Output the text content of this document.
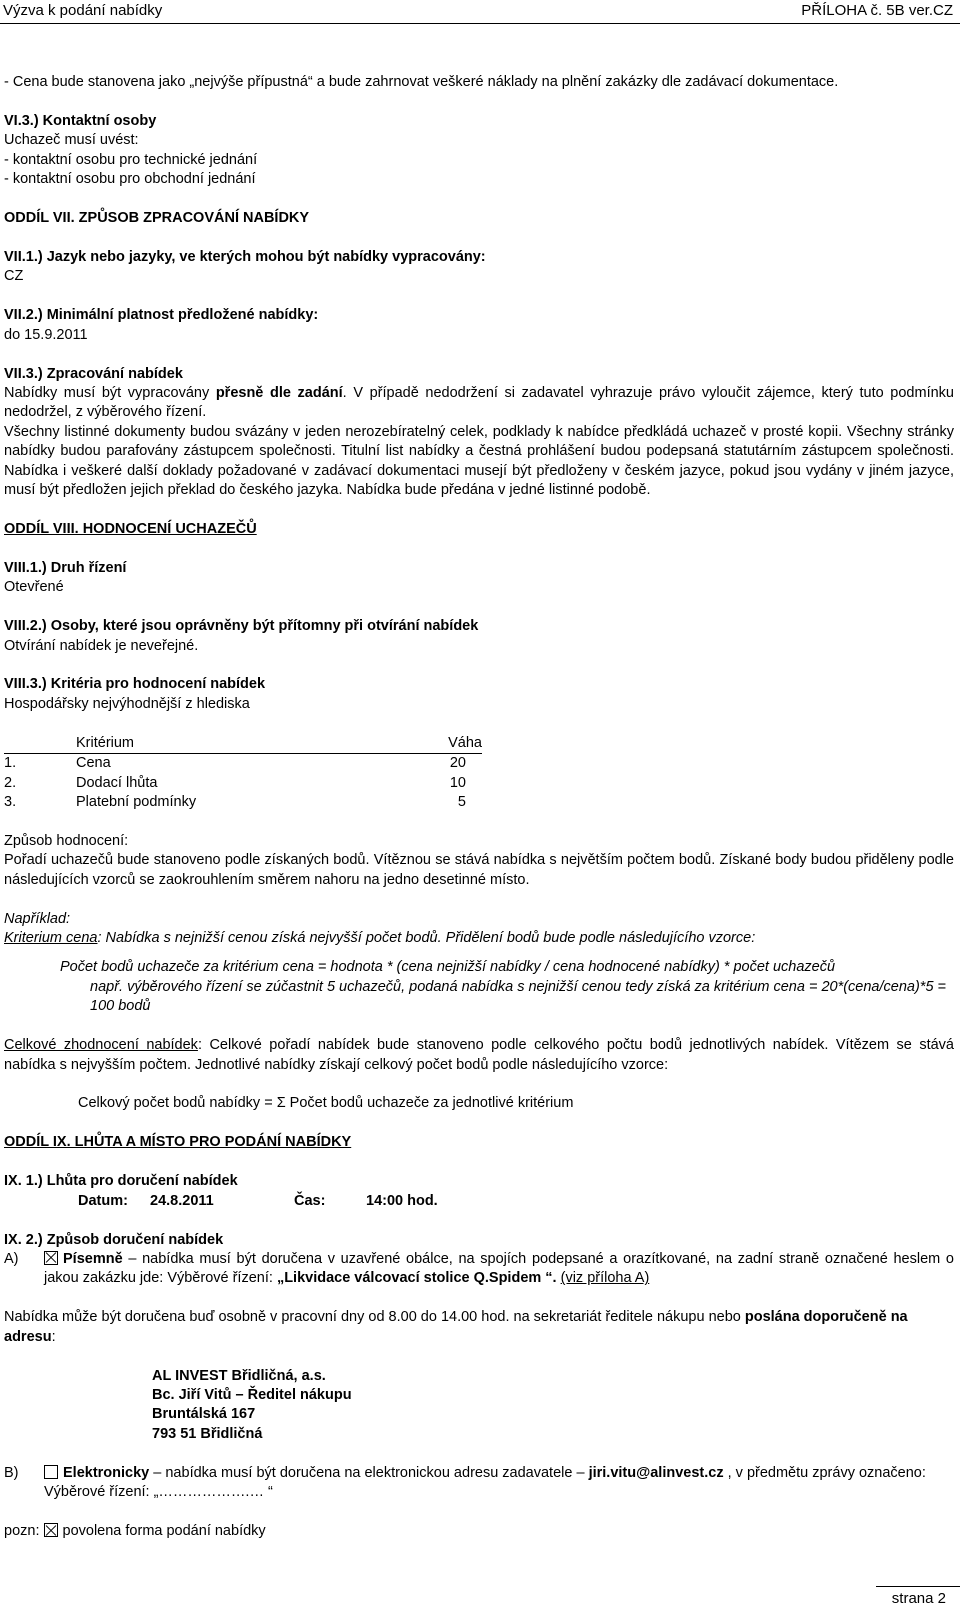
Výzva k podání nabídky	PŘÍLOHA č. 5B ver.CZ

- Cena bude stanovena jako „nejvýše přípustná“ a bude zahrnovat veškeré náklady na plnění zakázky dle zadávací dokumentace.

VI.3.) Kontaktní osoby

Uchazeč musí uvést:

- kontaktní osobu pro technické jednání

- kontaktní osobu pro obchodní jednání

ODDÍL VII. ZPŮSOB ZPRACOVÁNÍ NABÍDKY

VII.1.) Jazyk nebo jazyky, ve kterých mohou být nabídky vypracovány:

CZ

VII.2.) Minimální platnost předložené nabídky:

do 15.9.2011

VII.3.) Zpracování nabídek

Nabídky musí být vypracovány přesně dle zadání. V případě nedodržení si zadavatel vyhrazuje právo vyloučit zájemce, který tuto podmínku nedodržel, z výběrového řízení.

Všechny listinné dokumenty budou svázány v jeden nerozebíratelný celek, podklady k nabídce předkládá uchazeč v prosté kopii. Všechny stránky nabídky budou parafovány zástupcem společnosti. Titulní list nabídky a čestná prohlášení budou podepsaná statutárním zástupcem společnosti. Nabídka i veškeré další doklady požadované v zadávací dokumentaci musejí být předloženy v českém jazyce, pokud jsou vydány v jiném jazyce, musí být předložen jejich překlad do českého jazyka. Nabídka bude předána v jedné listinné podobě.

ODDÍL VIII. HODNOCENÍ UCHAZEČŮ

VIII.1.) Druh řízení

Otevřené

VIII.2.) Osoby, které jsou oprávněny být přítomny při otvírání nabídek

Otvírání nabídek je neveřejné.

VIII.3.) Kritéria pro hodnocení nabídek

Hospodářsky nejvýhodnější z hlediska

	Kritérium	Váha
1.	Cena	20
2.	Dodací lhůta	10
3.	Platební podmínky	5

Způsob hodnocení:

Pořadí uchazečů bude stanoveno podle získaných bodů. Vítěznou se stává nabídka s největším počtem bodů. Získané body budou přiděleny podle následujících vzorců se zaokrouhlením směrem nahoru na jedno desetinné místo.

Například:

Kriterium cena: Nabídka s nejnižší cenou získá nejvyšší počet bodů. Přidělení bodů bude podle následujícího vzorce:

Počet bodů uchazeče za kritérium cena = hodnota * (cena nejnižší nabídky / cena hodnocené nabídky) * počet uchazečů

např. výběrového řízení se zúčastnit 5 uchazečů, podaná nabídka s nejnižší cenou tedy získá za kritérium cena = 20*(cena/cena)*5 = 100 bodů

Celkové zhodnocení nabídek: Celkové pořadí nabídek bude stanoveno podle celkového počtu bodů jednotlivých nabídek. Vítězem se stává nabídka s nejvyšším počtem. Jednotlivé nabídky získají celkový počet bodů podle následujícího vzorce:

Celkový počet bodů nabídky = Σ Počet bodů uchazeče za jednotlivé kritérium

ODDÍL IX. LHŮTA A MÍSTO PRO PODÁNÍ NABÍDKY

IX. 1.) Lhůta pro doručení nabídek

Datum: 24.8.2011	Čas:	14:00 hod.

IX. 2.) Způsob doručení nabídek

A)	Písemně – nabídka musí být doručena v uzavřené obálce, na spojích podepsané a orazítkované, na zadní straně označené heslem o jakou zakázku jde: Výběrové řízení: „Likvidace válcovací stolice Q.Spidem “. (viz příloha A)

Nabídka může být doručena buď osobně v pracovní dny od 8.00 do 14.00 hod. na sekretariát ředitele nákupu nebo poslána doporučeně na adresu:

AL INVEST Břidličná, a.s.

Bc. Jiří Vitů – Ředitel nákupu

Bruntálská 167

793 51 Břidličná

B)	Elektronicky – nabídka musí být doručena na elektronickou adresu zadavatele – jiri.vitu@alinvest.cz , v předmětu zprávy označeno: Výběrové řízení: „……………….… “

pozn: povolena forma podání nabídky

strana 2
